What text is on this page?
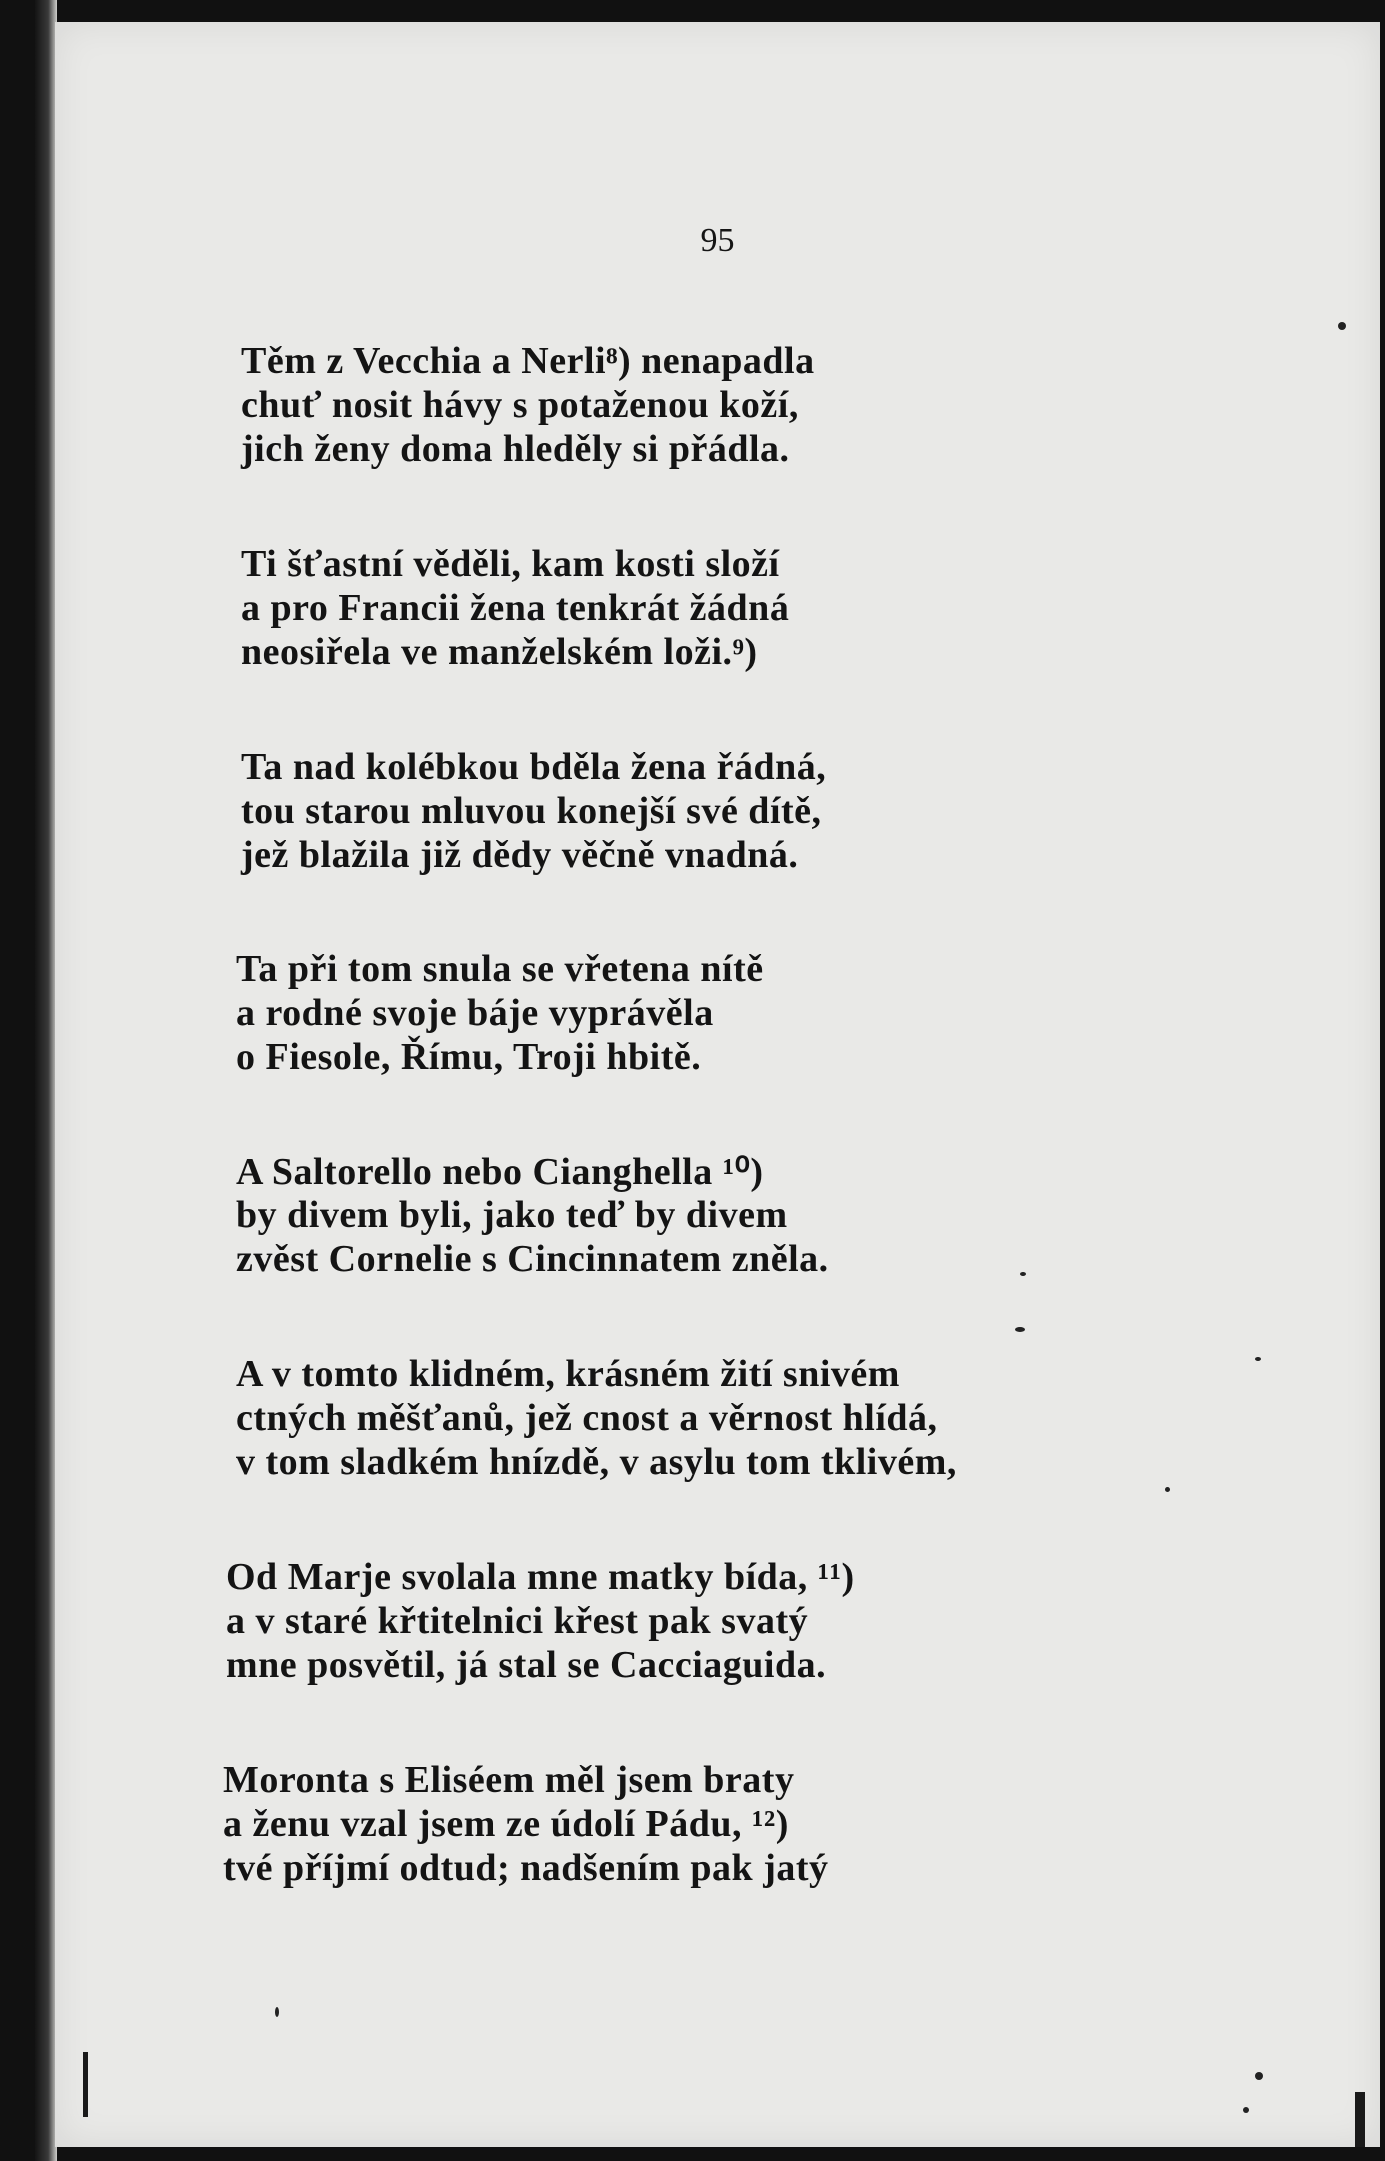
95
Těm z Vecchia a Nerli⁸) nenapadla
chuť nosit hávy s potaženou koží,
jich ženy doma hleděly si přádla.
Ti šťastní věděli, kam kosti složí
a pro Francii žena tenkrát žádná
neosiřela ve manželském loži.⁹)
Ta nad kolébkou bděla žena řádná,
tou starou mluvou konejší své dítě,
jež blažila již dědy věčně vnadná.
Ta při tom snula se vřetena nítě
a rodné svoje báje vyprávěla
o Fiesole, Římu, Troji hbitě.
A Saltorello nebo Cianghella ¹⁰)
by divem byli, jako teď by divem
zvěst Cornelie s Cincinnatem zněla.
A v tomto klidném, krásném žití snivém
ctných měšťanů, jež cnost a věrnost hlídá,
v tom sladkém hnízdě, v asylu tom tklivém,
Od Marje svolala mne matky bída, ¹¹)
a v staré křtitelnici křest pak svatý
mne posvětil, já stal se Cacciaguida.
Moronta s Eliséem měl jsem braty
a ženu vzal jsem ze údolí Pádu, ¹²)
tvé příjmí odtud; nadšením pak jatý
